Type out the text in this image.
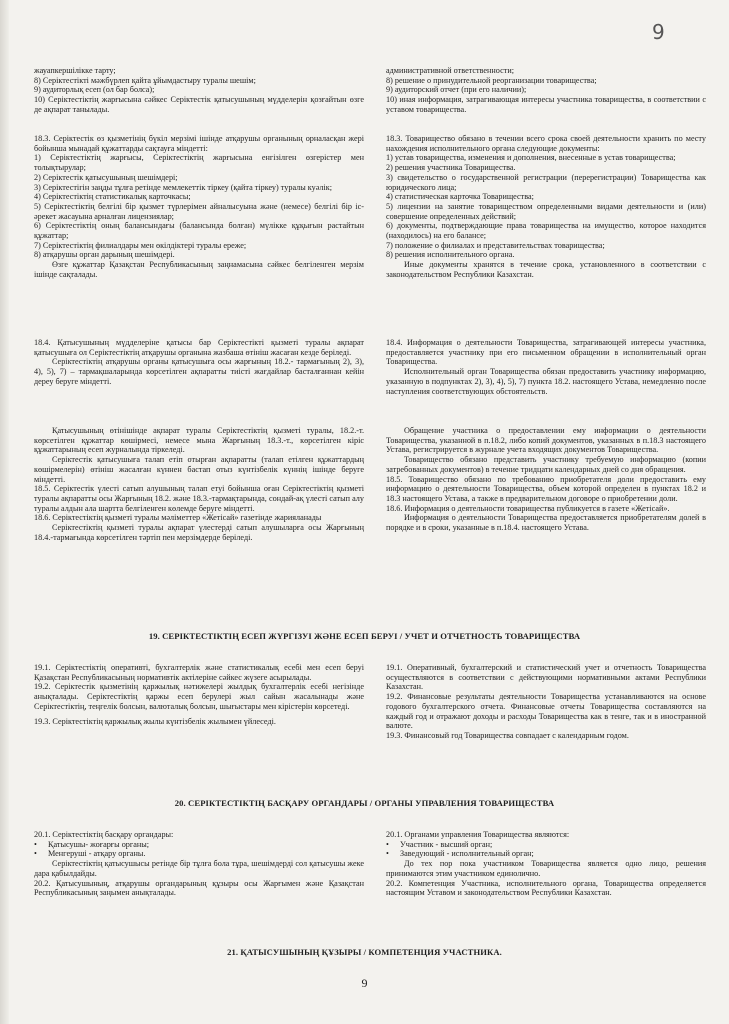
9

жауапкершілікке тарту;

8) Серіктестікті мәжбүрлеп қайта ұйымдастыру туралы шешім;

9) аудиторлық есеп (ол бар болса);

10) Серіктестіктің жарғысына сәйкес Серіктестік қатысушының мүдделерін қозғайтын өзге де ақпарат танылады.

административной ответственности;

8) решение о принудительной реорганизации товарищества;

9) аудиторский отчет (при его наличии);

10) иная информация, затрагивающая интересы участника товарищества, в соответствии с уставом товарищества.

18.3. Серіктестік өз қызметінің бүкіл мерзімі ішінде атқарушы органының орналасқан жері бойынша мынадай құжаттарды сақтауға міндетті:

1) Серіктестіктің жарғысы, Серіктестіктің жарғысына енгізілген өзгерістер мен толықтырулар;

2) Серіктестік қатысушының шешімдері;

3) Серіктестігін заңды тұлға ретінде мемлекеттік тіркеу (қайта тіркеу) туралы куәлік;

4) Серіктестіктің статистикалық карточкасы;

5) Серіктестіктің белгілі бір қызмет түрлерімен айналысуына және (немесе) белгілі бір іс-әрекет жасауына арналған лицензиялар;

6) Серіктестіктің оның балансындағы (балансында болған) мүлікке құқығын растайтын құжаттар;

7) Серіктестіктің филиалдары мен өкілдіктері туралы ереже;

8) атқарушы орган дарының шешімдері.

Өзге құжаттар Қазақстан Республикасының заңнамасына сәйкес белгіленген мерзім ішінде сақталады.

18.3. Товарищество обязано в течении всего срока своей деятельности хранить по месту нахождения исполнительного органа следующие документы:

1) устав товарищества, изменения и дополнения, внесенные в устав товарищества;

2) решения участника Товарищества.

3) свидетельство о государственной регистрации (перерегистрации) Товарищества как юридического лица;

4) статистическая карточка Товарищества;

5) лицензии на занятие товариществом определенными видами деятельности и (или) совершение определенных действий;

6) документы, подтверждающие права товарищества на имущество, которое находится (находилось) на его балансе;

7) положение о филиалах и представительствах товарищества;

8) решения исполнительного органа.

Иные документы хранятся в течение срока, установленного в соответствии с законодательством Республики Казахстан.

18.4. Қатысушының мүдделеріне қатысы бар Серіктестікті қызметі туралы ақпарат қатысушыға ол Серіктестіктің атқарушы органына жазбаша өтініш жасаған кезде беріледі.

Серіктестіктің атқарушы органы қатысушыға осы жарғының 18.2.- тармағының 2), 3), 4), 5), 7) – тармақшаларында көрсетілген ақпаратты тиісті жағдайлар басталғаннан кейін дереу беруге міндетті.

18.4. Информация о деятельности Товарищества, затрагивающей интересы участника, предоставляется участнику при его письменном обращении в исполнительный орган Товарищества.

Исполнительный орган Товарищества обязан предоставить участнику информацию, указанную в подпунктах 2), 3), 4), 5), 7) пункта 18.2. настоящего Устава, немедленно после наступления соответствующих обстоятельств.

Қатысушының өтінішінде ақпарат туралы Серіктестіктің қызметі туралы, 18.2.-т. көрсетілген құжаттар көшірмесі, немесе мына Жарғының 18.3.-т., көрсетілген кіріс құжаттарының есеп журналында тіркеледі.

Серіктестік қатысушыға талап етіп отырған ақпаратты (талап етілген құжаттардың көшірмелерін) өтініш жасалған күннен бастап отыз күнтізбелік күннің ішінде беруге міндетті.

18.5. Серіктестік үлесті сатып алушының талап етуі бойынша оған Серіктестіктің қызметі туралы ақпаратты осы Жарғының 18.2. және 18.3.-тармақтарында, сондай-ақ үлесті сатып алу туралы алдын ала шартта белгіленген көлемде беруге міндетті.

18.6. Серіктестіктің қызметі туралы мәліметтер «Жетісай» газетінде жарияланады

Серіктестіктің қызметі туралы ақпарат үлестерді сатып алушыларға осы Жарғының 18.4.-тармағында көрсетілген тәртіп пен мерзімдерде беріледі.

Обращение участника о предоставлении ему информации о деятельности Товарищества, указанной в п.18.2, либо копий документов, указанных в п.18.3 настоящего Устава, регистрируется в журнале учета входящих документов Товарищества.

Товарищество обязано представить участнику требуемую информацию (копии затребованных документов) в течение тридцати календарных дней со дня обращения.

18.5. Товарищество обязано по требованию приобретателя доли предоставить ему информацию о деятельности Товарищества, объем которой определен в пунктах 18.2 и 18.3 настоящего Устава, а также в предварительном договоре о приобретении доли.

18.6. Информация о деятельности товарищества публикуется в газете «Жетісай».

Информация о деятельности Товарищества предоставляется приобретателям долей в порядке и в сроки, указанные в п.18.4. настоящего Устава.

19. СЕРІКТЕСТІКТІҢ ЕСЕП ЖҮРГІЗУІ ЖӘНЕ ЕСЕП БЕРУІ / УЧЕТ И ОТЧЕТНОСТЬ ТОВАРИЩЕСТВА

19.1. Серіктестіктің оперативті, бухгалтерлік және статистикалық есебі мен есеп беруі Қазақстан Республикасының нормативтік актілеріне сәйкес жүзеге асырылады.

19.2. Серіктестік қызметінің қаржылық нәтижелері жылдық бухгалтерлік есебі негізінде анықталады. Серіктестіктің қаржы есеп берулері жыл сайын жасалынады және Серіктестіктің, теңгелік болсын, валюталық болсын, шығыстары мен кірістерін көрсетеді.

19.3. Серіктестіктің қаржылық жылы күнтізбелік жылымен үйлеседі.

19.1. Оперативный, бухгалтерский и статистический учет и отчетность Товарищества осуществляются в соответствии с действующими нормативными актами Республики Казахстан.

19.2. Финансовые результаты деятельности Товарищества устанавливаются на основе годового бухгалтерского отчета. Финансовые отчеты Товарищества составляются на каждый год и отражают доходы и расходы Товарищества как в тенге, так и в иностранной валюте.

19.3. Финансовый год Товарищества совпадает с календарным годом.

20. СЕРІКТЕСТІКТІҢ БАСҚАРУ ОРГАНДАРЫ / ОРГАНЫ УПРАВЛЕНИЯ ТОВАРИЩЕСТВА

20.1. Серіктестіктің басқару органдары:

• Қатысушы- жоғарғы органы;

• Менгеруші - атқару органы.

Серіктестіктің қатысушысы ретінде бір тұлға бола тұра, шешімдерді сол қатысушы жеке дара қабылдайды.

20.2. Қатысушының, атқарушы органдарының құзыры осы Жарғымен және Қазақстан Республикасының заңымен анықталады.

20.1. Органами управления Товарищества являются:

• Участник - высший орган;

• Заведующий - исполнительный орган;

До тех пор пока участником Товарищества является одно лицо, решения принимаются этим участником единолично.

20.2. Компетенция Участника, исполнительного органа, Товарищества определяется настоящим Уставом и законодательством Республики Казахстан.

21. ҚАТЫСУШЫНЫҢ ҚҰЗЫРЫ / КОМПЕТЕНЦИЯ УЧАСТНИКА.
9
